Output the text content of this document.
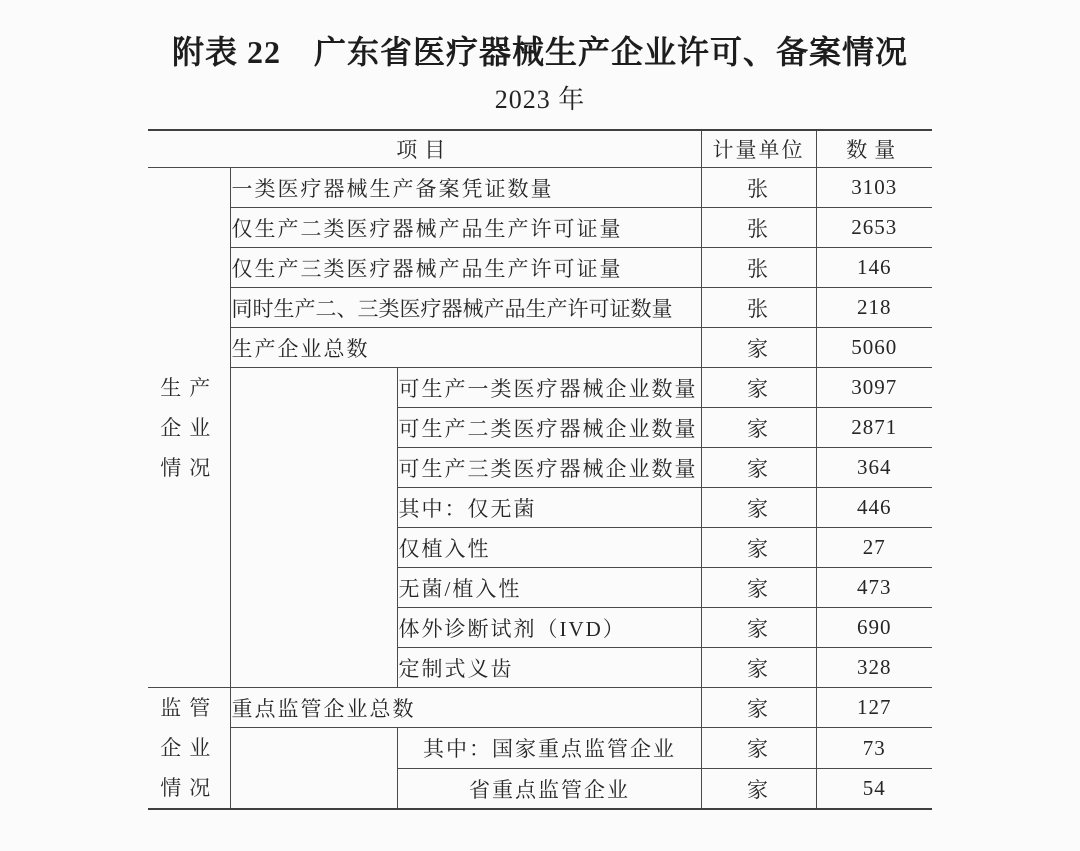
附表 22　广东省医疗器械生产企业许可、备案情况
2023 年
项目			计量单位	数量

生产
企业
情况	一类医疗器械生产备案凭证数量		张	3103
	仅生产二类医疗器械产品生产许可证量		张	2653
	仅生产三类医疗器械产品生产许可证量		张	146
	同时生产二、三类医疗器械产品生产许可证数量		张	218
	生产企业总数		家	5060
		可生产一类医疗器械企业数量	家	3097
		可生产二类医疗器械企业数量	家	2871
		可生产三类医疗器械企业数量	家	364
		其中：仅无菌	家	446
		仅植入性	家	27
		无菌/植入性	家	473
		体外诊断试剂（IVD）	家	690
		定制式义齿	家	328

监管
企业
情况	重点监管企业总数		家	127
		其中：国家重点监管企业	家	73
		省重点监管企业	家	54
